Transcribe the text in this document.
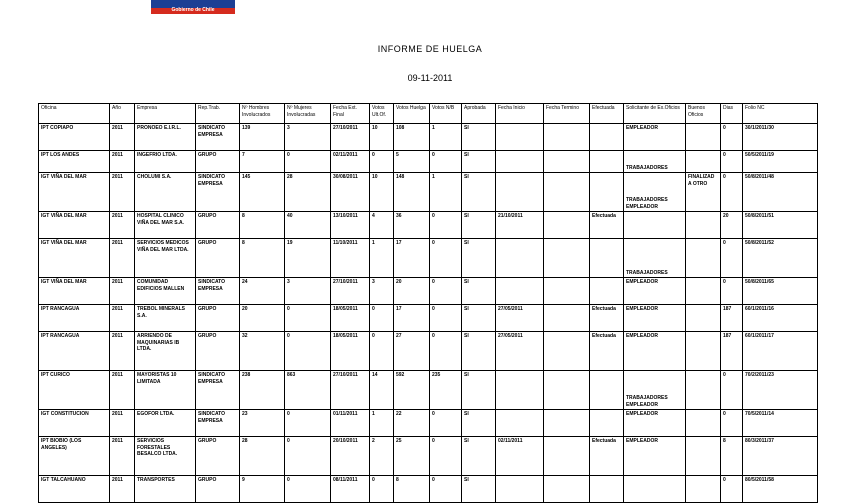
Gobierno de Chile
INFORME DE HUELGA
09-11-2011
Oficina	Año	Empresa	Rep.Trab.	Nº Hombres Involucrados	Nº Mujeres Involucradas	Fecha Ext. Final	Votos Ult.Of.	Votos Huelga	Votos N/B	Aprobada	Fecha Inicio	Fecha Termino	Efectuada	Solicitante de Ex.Oficios	Buenos Oficios	Dias	Folio NC
IPT COPIAPO	2011	PRONOEO E.I.R.L.	SINDICATO EMPRESA	139	3	27/10/2011	10	108	1	SI				EMPLEADOR		0	30/1/2011/30
IPT LOS ANDES	2011	INGEFRIO LTDA.	GRUPO	7	0	02/11/2011	0	5	0	SI				TRABAJADORES		0	50/5/2011/19
IGT VIÑA DEL MAR	2011	CHOLUMI S.A.	SINDICATO EMPRESA	145	28	30/08/2011	10	148	1	SI				TRABAJADORES EMPLEADOR	FINALIZAD A OTRO	0	50/8/2011/48
IGT VIÑA DEL MAR	2011	HOSPITAL CLINICO VIÑA DEL MAR S.A.	GRUPO	8	40	13/10/2011	4	36	0	SI	21/10/2011		Efectuada			20	50/8/2011/51
IGT VIÑA DEL MAR	2011	SERVICIOS MEDICOS VIÑA DEL MAR LTDA.	GRUPO	8	19	11/10/2011	1	17	0	SI				TRABAJADORES		0	50/8/2011/52
IGT VIÑA DEL MAR	2011	COMUNIDAD EDIFICIOS MALLEN	SINDICATO EMPRESA	24	3	27/10/2011	3	20	0	SI				EMPLEADOR		0	50/8/2011/65
IPT RANCAGUA	2011	TREBOL MINERALS S.A.	GRUPO	20	0	18/05/2011	0	17	0	SI	27/05/2011		Efectuada	EMPLEADOR		187	60/1/2011/16
IPT RANCAGUA	2011	ARRIENDO DE MAQUINARIAS IB LTDA.	GRUPO	32	0	18/05/2011	0	27	0	SI	27/05/2011		Efectuada	EMPLEADOR		187	60/1/2011/17
IPT CURICO	2011	MAYORISTAS 10 LIMITADA	SINDICATO EMPRESA	238	863	27/10/2011	14	592	235	SI				TRABAJADORES EMPLEADOR		0	70/2/2011/23
IGT CONSTITUCION	2011	EGOFOR LTDA.	SINDICATO EMPRESA	23	0	01/11/2011	1	22	0	SI				EMPLEADOR		0	70/5/2011/14
IPT BIOBIO (LOS ANGELES)	2011	SERVICIOS FORESTALES BESALCO LTDA.	GRUPO	28	0	20/10/2011	2	25	0	SI	02/11/2011		Efectuada	EMPLEADOR		8	80/3/2011/37
IGT TALCAHUANO	2011	TRANSPORTES	GRUPO	9	0	08/11/2011	0	8	0	SI						0	80/5/2011/58
